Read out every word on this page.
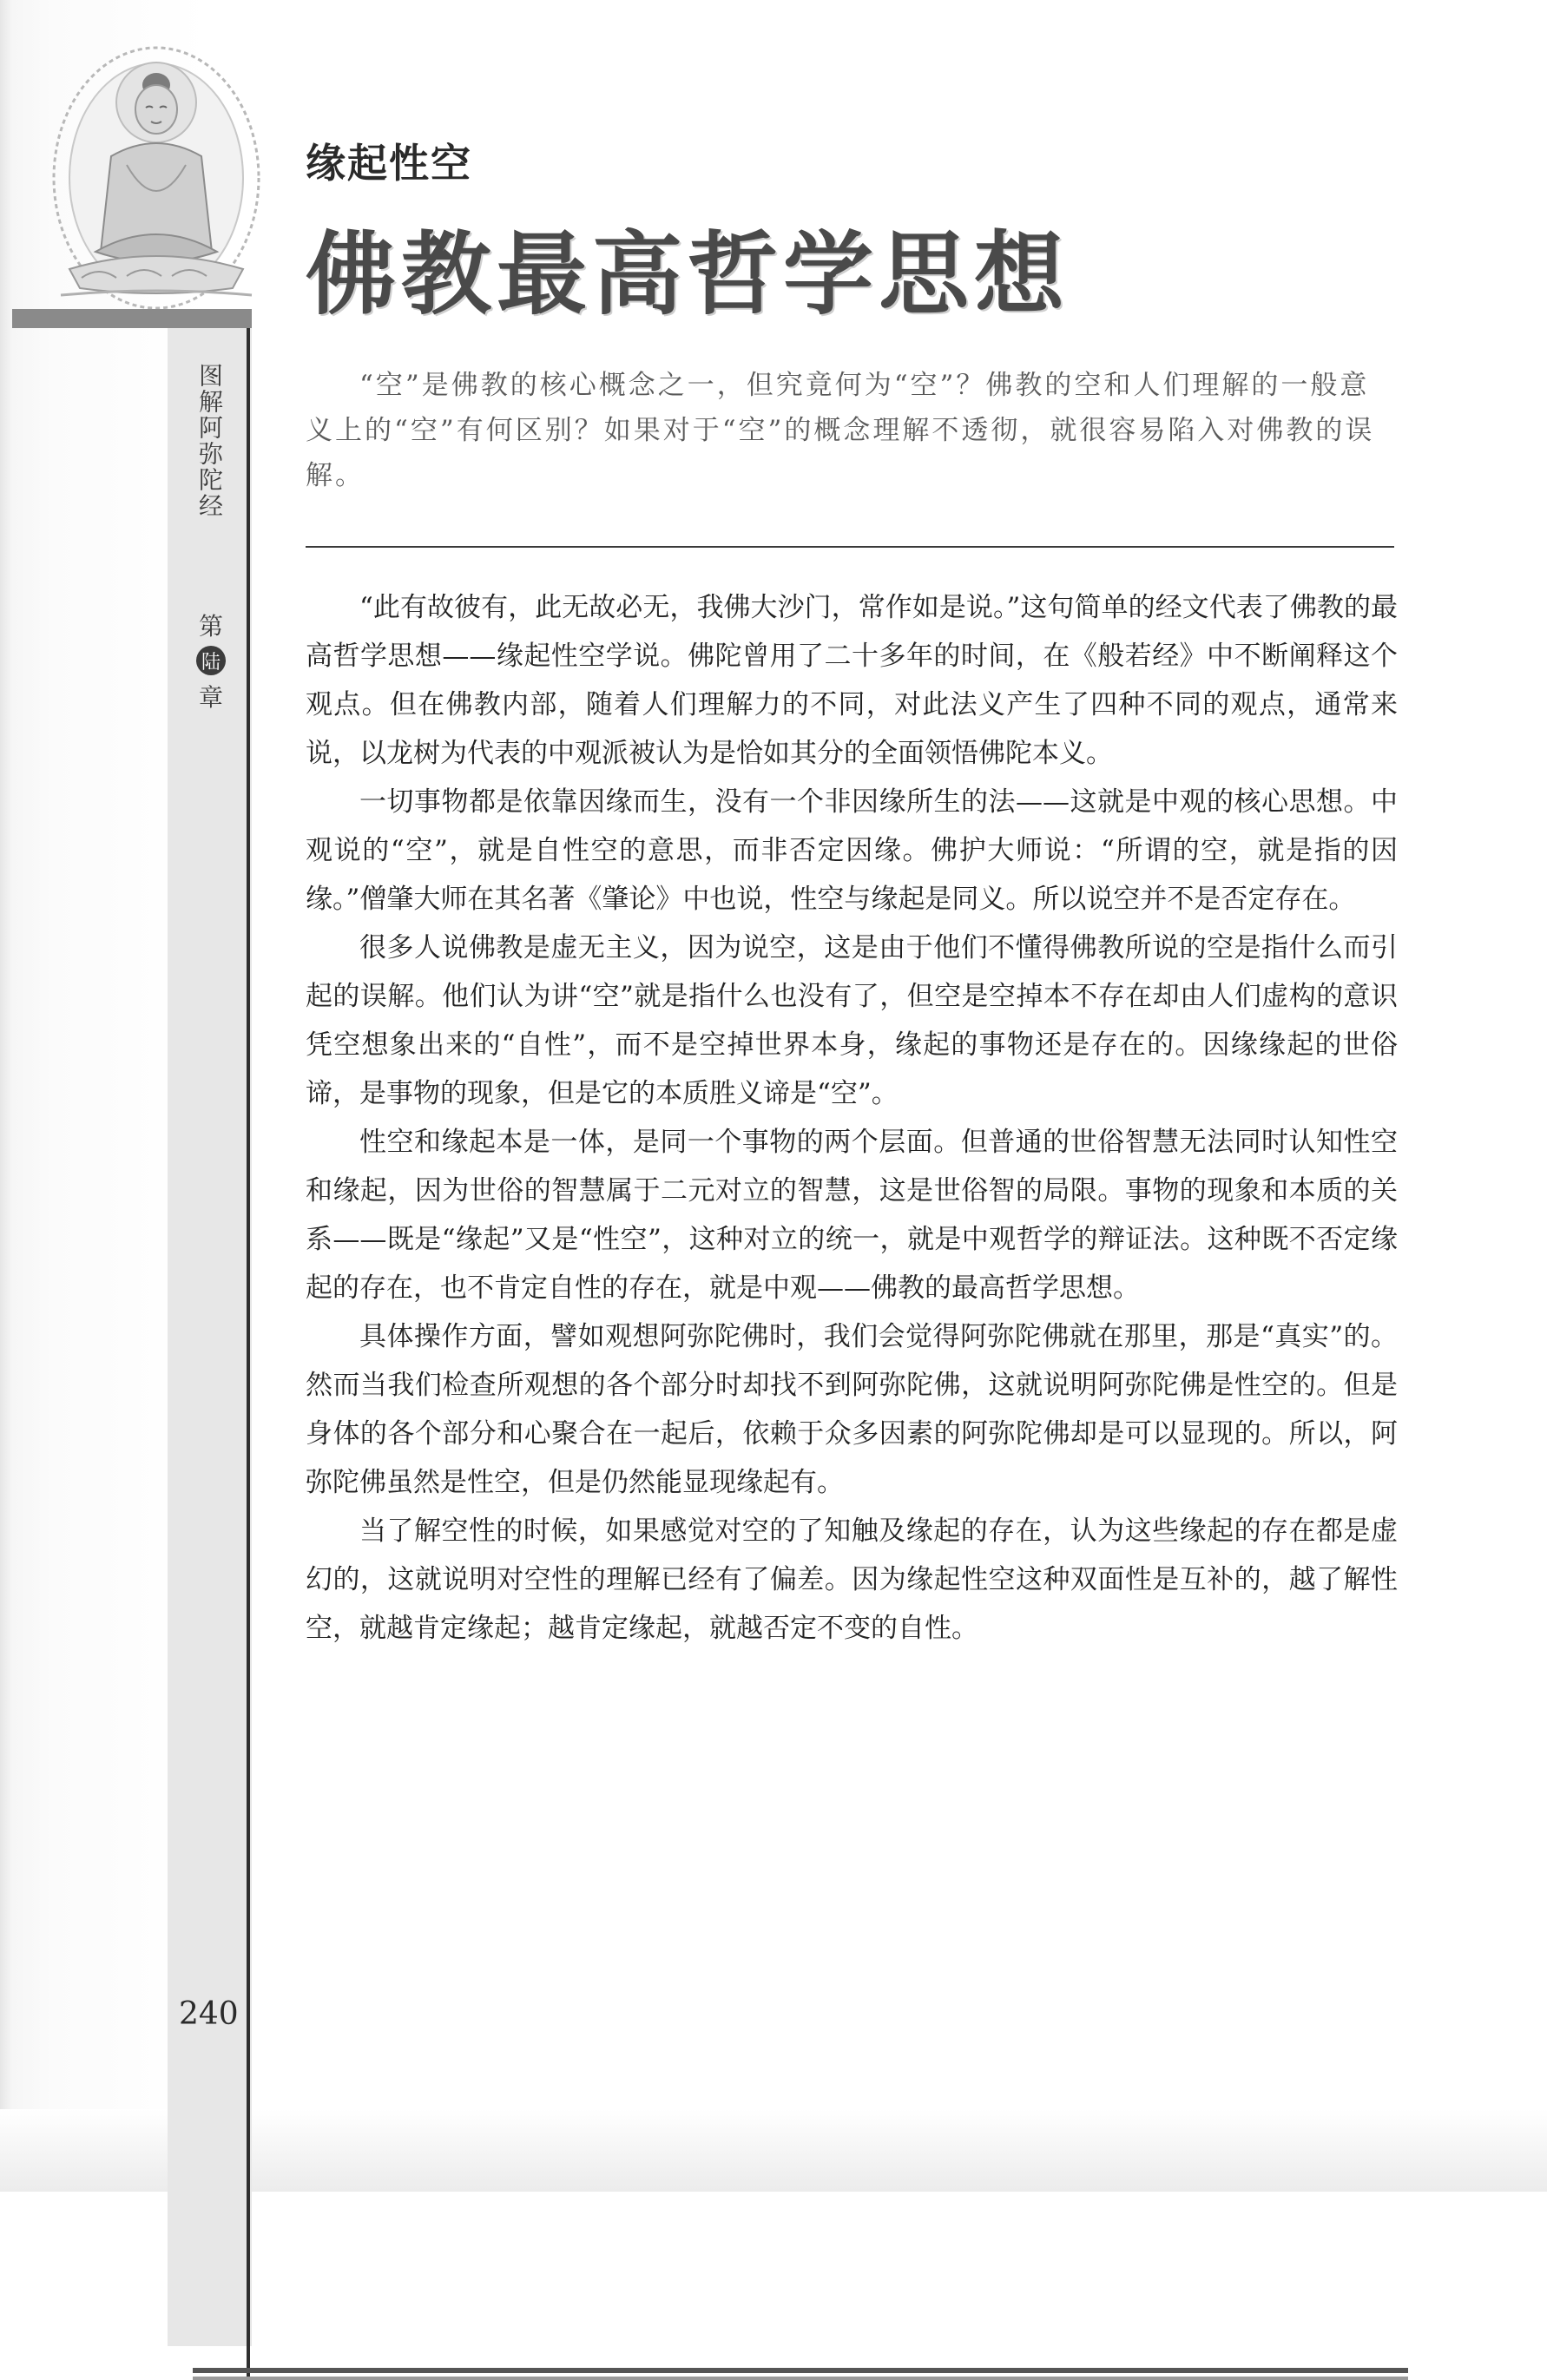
图解阿弥陀经
第
陆
章
缘起性空
佛教最高哲学思想
“空”是佛教的核心概念之一，但究竟何为“空”？佛教的空和人们理解的一般意义上的“空”有何区别？如果对于“空”的概念理解不透彻，就很容易陷入对佛教的误解。

“此有故彼有，此无故必无，我佛大沙门，常作如是说。”这句简单的经文代表了佛教的最高哲学思想——缘起性空学说。佛陀曾用了二十多年的时间，在《般若经》中不断阐释这个观点。但在佛教内部，随着人们理解力的不同，对此法义产生了四种不同的观点，通常来说，以龙树为代表的中观派被认为是恰如其分的全面领悟佛陀本义。

一切事物都是依靠因缘而生，没有一个非因缘所生的法——这就是中观的核心思想。中观说的“空”，就是自性空的意思，而非否定因缘。佛护大师说：“所谓的空，就是指的因缘。”僧肇大师在其名著《肇论》中也说，性空与缘起是同义。所以说空并不是否定存在。

很多人说佛教是虚无主义，因为说空，这是由于他们不懂得佛教所说的空是指什么而引起的误解。他们认为讲“空”就是指什么也没有了，但空是空掉本不存在却由人们虚构的意识凭空想象出来的“自性”，而不是空掉世界本身，缘起的事物还是存在的。因缘缘起的世俗谛，是事物的现象，但是它的本质胜义谛是“空”。

性空和缘起本是一体，是同一个事物的两个层面。但普通的世俗智慧无法同时认知性空和缘起，因为世俗的智慧属于二元对立的智慧，这是世俗智的局限。事物的现象和本质的关系——既是“缘起”又是“性空”，这种对立的统一，就是中观哲学的辩证法。这种既不否定缘起的存在，也不肯定自性的存在，就是中观——佛教的最高哲学思想。

具体操作方面，譬如观想阿弥陀佛时，我们会觉得阿弥陀佛就在那里，那是“真实”的。然而当我们检查所观想的各个部分时却找不到阿弥陀佛，这就说明阿弥陀佛是性空的。但是身体的各个部分和心聚合在一起后，依赖于众多因素的阿弥陀佛却是可以显现的。所以，阿弥陀佛虽然是性空，但是仍然能显现缘起有。

当了解空性的时候，如果感觉对空的了知触及缘起的存在，认为这些缘起的存在都是虚幻的，这就说明对空性的理解已经有了偏差。因为缘起性空这种双面性是互补的，越了解性空，就越肯定缘起；越肯定缘起，就越否定不变的自性。

240
